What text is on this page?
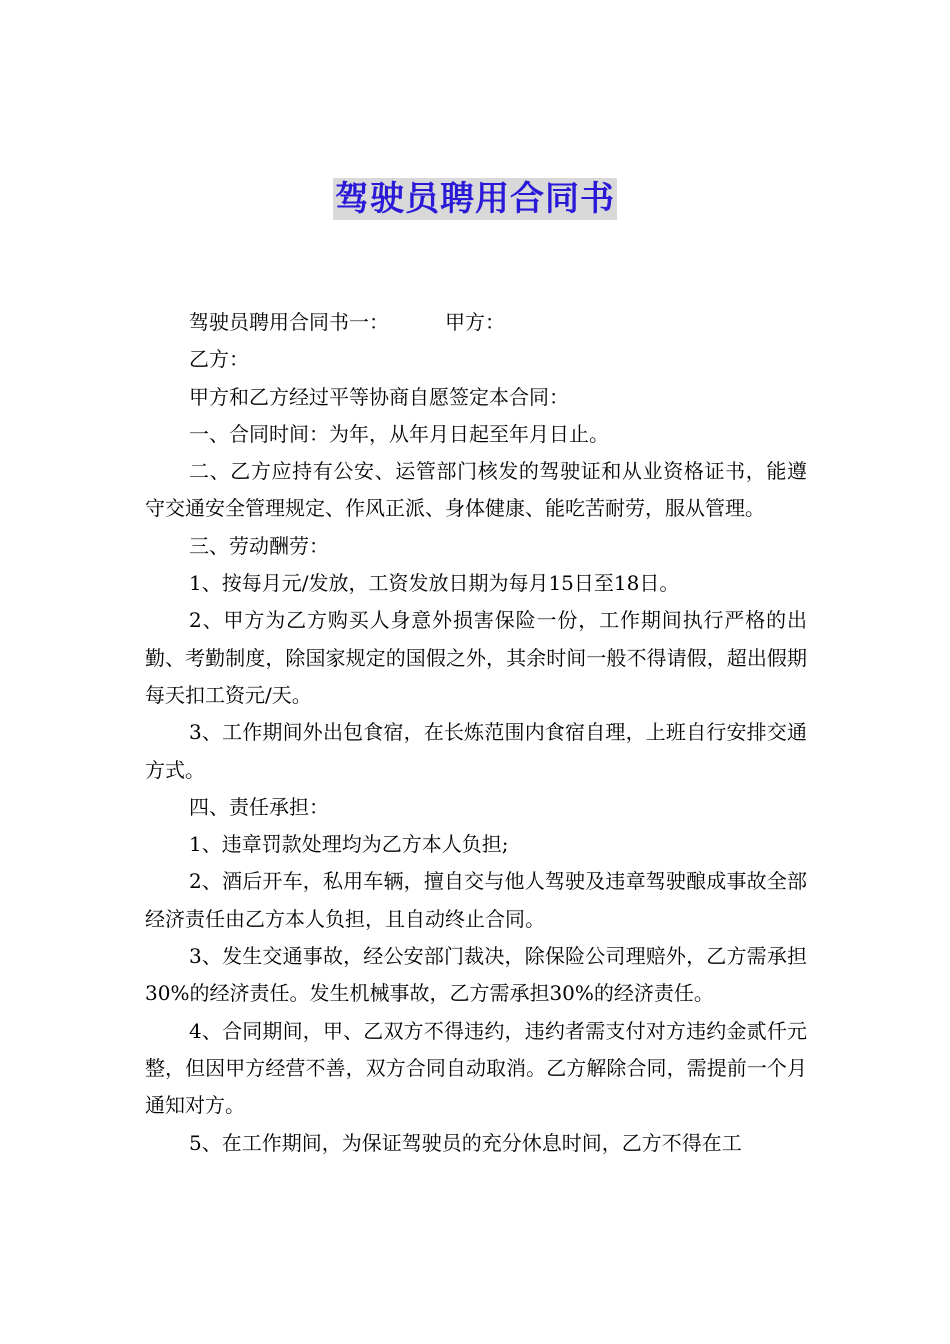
驾驶员聘用合同书

驾驶员聘用合同书一：	甲方：

乙方：

甲方和乙方经过平等协商自愿签定本合同：

一、合同时间：为年，从年月日起至年月日止。

二、乙方应持有公安、运管部门核发的驾驶证和从业资格证书，能遵守交通安全管理规定、作风正派、身体健康、能吃苦耐劳，服从管理。

三、劳动酬劳：

1、按每月元/发放，工资发放日期为每月15日至18日。

2、甲方为乙方购买人身意外损害保险一份，工作期间执行严格的出勤、考勤制度，除国家规定的国假之外，其余时间一般不得请假，超出假期每天扣工资元/天。

3、工作期间外出包食宿，在长炼范围内食宿自理，上班自行安排交通方式。

四、责任承担：

1、违章罚款处理均为乙方本人负担;

2、酒后开车，私用车辆，擅自交与他人驾驶及违章驾驶酿成事故全部经济责任由乙方本人负担，且自动终止合同。

3、发生交通事故，经公安部门裁决，除保险公司理赔外，乙方需承担30%的经济责任。发生机械事故，乙方需承担30%的经济责任。

4、合同期间，甲、乙双方不得违约，违约者需支付对方违约金贰仟元整，但因甲方经营不善，双方合同自动取消。乙方解除合同，需提前一个月通知对方。

5、在工作期间，为保证驾驶员的充分休息时间，乙方不得在工
